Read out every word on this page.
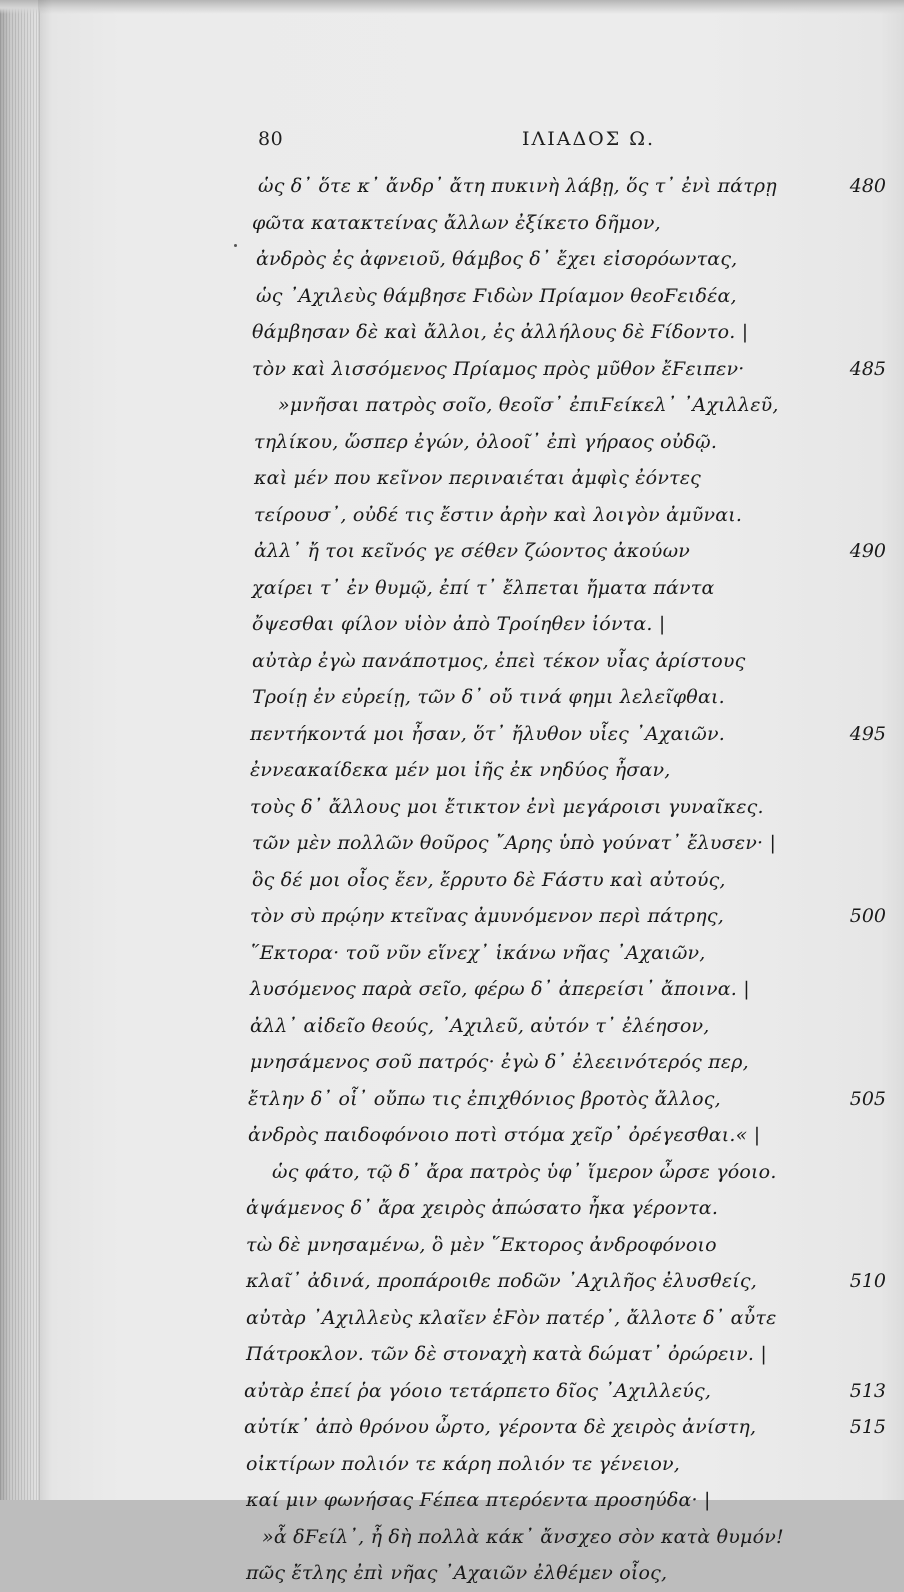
80	ΙΛΙΑΔΟΣ Ω.
ὡς δ᾽ ὅτε κ᾽ ἄνδρ᾽ ἄτη πυκινὴ λάβῃ, ὅς τ᾽ ἐνὶ πάτρῃ	480
φῶτα κατακτείνας ἄλλων ἐξίκετο δῆμον,
ἀνδρὸς ἐς ἀφνειοῦ, θάμβος δ᾽ ἔχει εἰσορόωντας,
ὡς ᾽Αχιλεὺς θάμβησε Ϝιδὼν Πρίαμον θεοϜειδέα,
θάμβησαν δὲ καὶ ἄλλοι, ἐς ἀλλήλους δὲ Ϝίδοντο. |
τὸν καὶ λισσόμενος Πρίαμος πρὸς μῦθον ἔϜειπεν·	485
»μνῆσαι πατρὸς σοῖο, θεοῖσ᾽ ἐπιϜείκελ᾽ ᾽Αχιλλεῦ,
τηλίκου, ὥσπερ ἐγών, ὀλοοῖ᾽ ἐπὶ γήραος οὐδῷ.
καὶ μέν που κεῖνον περιναιέται ἀμφὶς ἐόντες
τείρουσ᾽, οὐδέ τις ἔστιν ἀρὴν καὶ λοιγὸν ἀμῦναι.
ἀλλ᾽ ἤ τοι κεῖνός γε σέθεν ζώοντος ἀκούων	490
χαίρει τ᾽ ἐν θυμῷ, ἐπί τ᾽ ἔλπεται ἤματα πάντα
ὄψεσθαι φίλον υἱὸν ἀπὸ Τροίηθεν ἰόντα. |
αὐτὰρ ἐγὼ πανάποτμος, ἐπεὶ τέκον υἷας ἀρίστους
Τροίῃ ἐν εὐρείῃ, τῶν δ᾽ οὔ τινά φημι λελεῖφθαι.
πεντήκοντά μοι ἦσαν, ὅτ᾽ ἤλυθον υἷες ᾽Αχαιῶν.	495
ἐννεακαίδεκα μέν μοι ἰῆς ἐκ νηδύος ἦσαν,
τοὺς δ᾽ ἄλλους μοι ἔτικτον ἐνὶ μεγάροισι γυναῖκες.
τῶν μὲν πολλῶν θοῦρος ῎Αρης ὑπὸ γούνατ᾽ ἔλυσεν· |
ὃς δέ μοι οἶος ἔεν, ἔρρυτο δὲ Ϝάστυ καὶ αὐτούς,
τὸν σὺ πρῴην κτεῖνας ἀμυνόμενον περὶ πάτρης,	500
῞Εκτορα· τοῦ νῦν εἵνεχ᾽ ἱκάνω νῆας ᾽Αχαιῶν,
λυσόμενος παρὰ σεῖο, φέρω δ᾽ ἀπερείσι᾽ ἄποινα. |
ἀλλ᾽ αἰδεῖο θεούς, ᾽Αχιλεῦ, αὐτόν τ᾽ ἐλέησον,
μνησάμενος σοῦ πατρός· ἐγὼ δ᾽ ἐλεεινότερός περ,
ἔτλην δ᾽ οἷ᾽ οὔπω τις ἐπιχθόνιος βροτὸς ἄλλος,	505
ἀνδρὸς παιδοφόνοιο ποτὶ στόμα χεῖρ᾽ ὀρέγεσθαι.« |
ὡς φάτο, τῷ δ᾽ ἄρα πατρὸς ὑφ᾽ ἵμερον ὦρσε γόοιο.
ἁψάμενος δ᾽ ἄρα χειρὸς ἀπώσατο ἦκα γέροντα.
τὼ δὲ μνησαμένω, ὃ μὲν ῞Εκτορος ἀνδροφόνοιο
κλαῖ᾽ ἀδινά, προπάροιθε ποδῶν ᾽Αχιλῆος ἐλυσθείς,	510
αὐτὰρ ᾽Αχιλλεὺς κλαῖεν ἑϜὸν πατέρ᾽, ἄλλοτε δ᾽ αὖτε
Πάτροκλον. τῶν δὲ στοναχὴ κατὰ δώματ᾽ ὀρώρειν. |
αὐτὰρ ἐπεί ῥα γόοιο τετάρπετο δῖος ᾽Αχιλλεύς,	513
αὐτίκ᾽ ἀπὸ θρόνου ὦρτο, γέροντα δὲ χειρὸς ἀνίστη,	515
οἰκτίρων πολιόν τε κάρη πολιόν τε γένειον,
καί μιν φωνήσας Ϝέπεα πτερόεντα προσηύδα· |
»ἆ δϜείλ᾽, ἦ δὴ πολλὰ κάκ᾽ ἄνσχεο σὸν κατὰ θυμόν!
πῶς ἔτλης ἐπὶ νῆας ᾽Αχαιῶν ἐλθέμεν οἶος,
